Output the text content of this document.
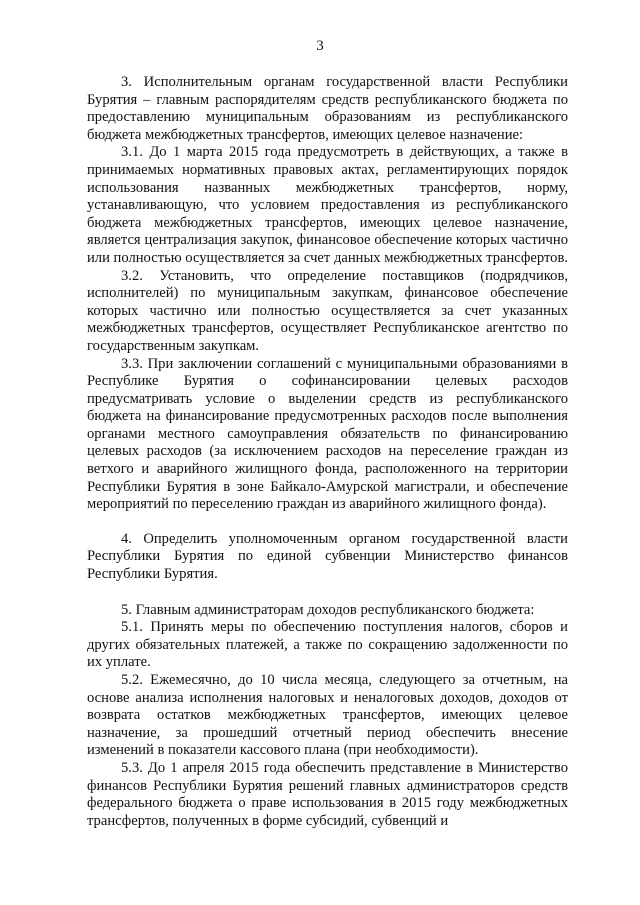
3

3. Исполнительным органам государственной власти Республики Бурятия – главным распорядителям средств республиканского бюджета по предоставлению муниципальным образованиям из республиканского бюджета межбюджетных трансфертов, имеющих целевое назначение:

3.1. До 1 марта 2015 года предусмотреть в действующих, а также в принимаемых нормативных правовых актах, регламентирующих порядок использования названных межбюджетных трансфертов, норму, устанавливающую, что условием предоставления из республиканского бюджета межбюджетных трансфертов, имеющих целевое назначение, является централизация закупок, финансовое обеспечение которых частично или полностью осуществляется за счет данных межбюджетных трансфертов.

3.2. Установить, что определение поставщиков (подрядчиков, исполнителей) по муниципальным закупкам, финансовое обеспечение которых частично или полностью осуществляется за счет указанных межбюджетных трансфертов, осуществляет Республиканское агентство по государственным закупкам.

3.3. При заключении соглашений с муниципальными образованиями в Республике Бурятия о софинансировании целевых расходов предусматривать условие о выделении средств из республиканского бюджета на финансирование предусмотренных расходов после выполнения органами местного самоуправления обязательств по финансированию целевых расходов (за исключением расходов на переселение граждан из ветхого и аварийного жилищного фонда, расположенного на территории Республики Бурятия в зоне Байкало-Амурской магистрали, и обеспечение мероприятий по переселению граждан из аварийного жилищного фонда).

4. Определить уполномоченным органом государственной власти Республики Бурятия по единой субвенции Министерство финансов Республики Бурятия.

5. Главным администраторам доходов республиканского бюджета:

5.1. Принять меры по обеспечению поступления налогов, сборов и других обязательных платежей, а также по сокращению задолженности по их уплате.

5.2. Ежемесячно, до 10 числа месяца, следующего за отчетным, на основе анализа исполнения налоговых и неналоговых доходов, доходов от возврата остатков межбюджетных трансфертов, имеющих целевое назначение, за прошедший отчетный период обеспечить внесение изменений в показатели кассового плана (при необходимости).

5.3. До 1 апреля 2015 года обеспечить представление в Министерство финансов Республики Бурятия решений главных администраторов средств федерального бюджета о праве использования в 2015 году межбюджетных трансфертов, полученных в форме субсидий, субвенций и
